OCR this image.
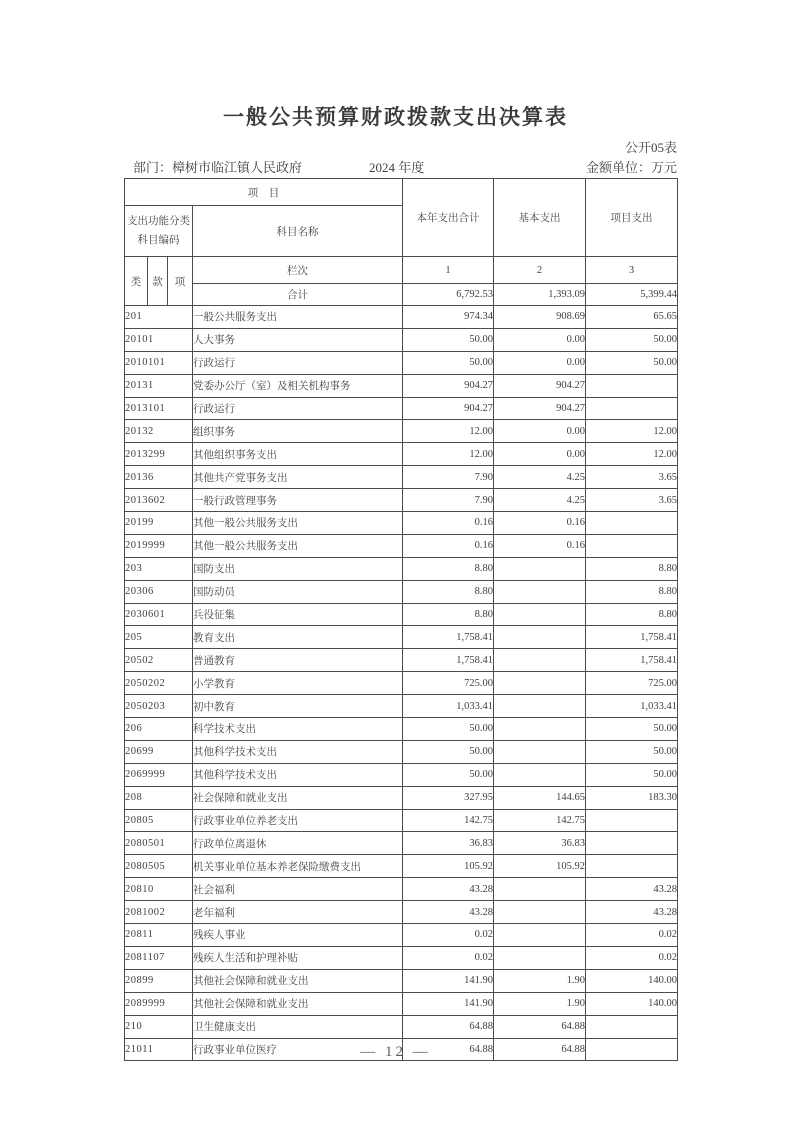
一般公共预算财政拨款支出决算表
公开05表
部门：樟树市临江镇人民政府	2024 年度	金额单位：万元
项　目				本年支出合计	基本支出	项目支出

支出功能分类
科目编码			科目名称			
类	款	项	栏次	1	2	3
			合计	6,792.53	1,393.09	5,399.44
201			一般公共服务支出	974.34	908.69	65.65
20101			人大事务	50.00	0.00	50.00
2010101			行政运行	50.00	0.00	50.00
20131			党委办公厅（室）及相关机构事务	904.27	904.27	
2013101			行政运行	904.27	904.27	
20132			组织事务	12.00	0.00	12.00
2013299			其他组织事务支出	12.00	0.00	12.00
20136			其他共产党事务支出	7.90	4.25	3.65
2013602			一般行政管理事务	7.90	4.25	3.65
20199			其他一般公共服务支出	0.16	0.16	
2019999			其他一般公共服务支出	0.16	0.16	
203			国防支出	8.80		8.80
20306			国防动员	8.80		8.80
2030601			兵役征集	8.80		8.80
205			教育支出	1,758.41		1,758.41
20502			普通教育	1,758.41		1,758.41
2050202			小学教育	725.00		725.00
2050203			初中教育	1,033.41		1,033.41
206			科学技术支出	50.00		50.00
20699			其他科学技术支出	50.00		50.00
2069999			其他科学技术支出	50.00		50.00
208			社会保障和就业支出	327.95	144.65	183.30
20805			行政事业单位养老支出	142.75	142.75	
2080501			行政单位离退休	36.83	36.83	
2080505			机关事业单位基本养老保险缴费支出	105.92	105.92	
20810			社会福利	43.28		43.28
2081002			老年福利	43.28		43.28
20811			残疾人事业	0.02		0.02
2081107			残疾人生活和护理补贴	0.02		0.02
20899			其他社会保障和就业支出	141.90	1.90	140.00
2089999			其他社会保障和就业支出	141.90	1.90	140.00
210			卫生健康支出	64.88	64.88	
21011			行政事业单位医疗	64.88	64.88	
— 12 —
